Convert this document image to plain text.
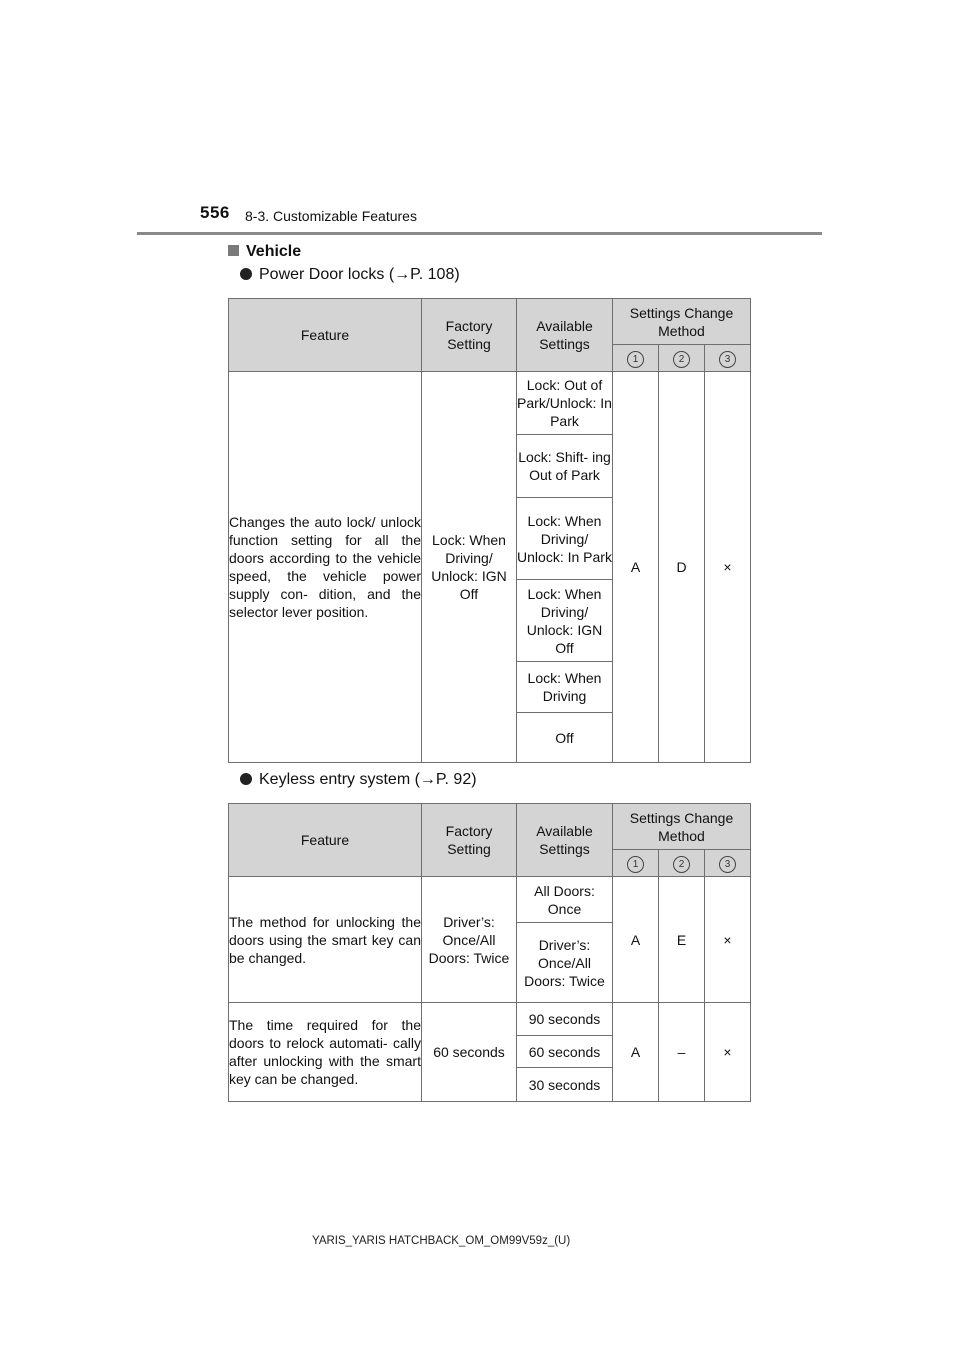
556 8-3. Customizable Features
Vehicle
Power Door locks (→P. 108)
Feature	Factory Setting	Available Settings	Settings Change Method		
			1	2	3
Changes the auto lock/ unlock function setting for all the doors according to the vehicle speed, the vehicle power supply con- dition, and the selector lever position.	Lock: When Driving/ Unlock: IGN Off	Lock: Out of Park/Unlock: In Park	A	D	×
		Lock: Shift- ing Out of Park			
		Lock: When Driving/ Unlock: In Park			
		Lock: When Driving/ Unlock: IGN Off			
		Lock: When Driving			
		Off			
Keyless entry system (→P. 92)
Feature	Factory Setting	Available Settings	Settings Change Method		
			1	2	3
The method for unlocking the doors using the smart key can be changed.	Driver’s: Once/All Doors: Twice	All Doors: Once	A	E	×
		Driver’s: Once/All Doors: Twice			
The time required for the doors to relock automati- cally after unlocking with the smart key can be changed.	60 seconds	90 seconds	A	–	×
		60 seconds			
		30 seconds			
YARIS_YARIS HATCHBACK_OM_OM99V59z_(U)
